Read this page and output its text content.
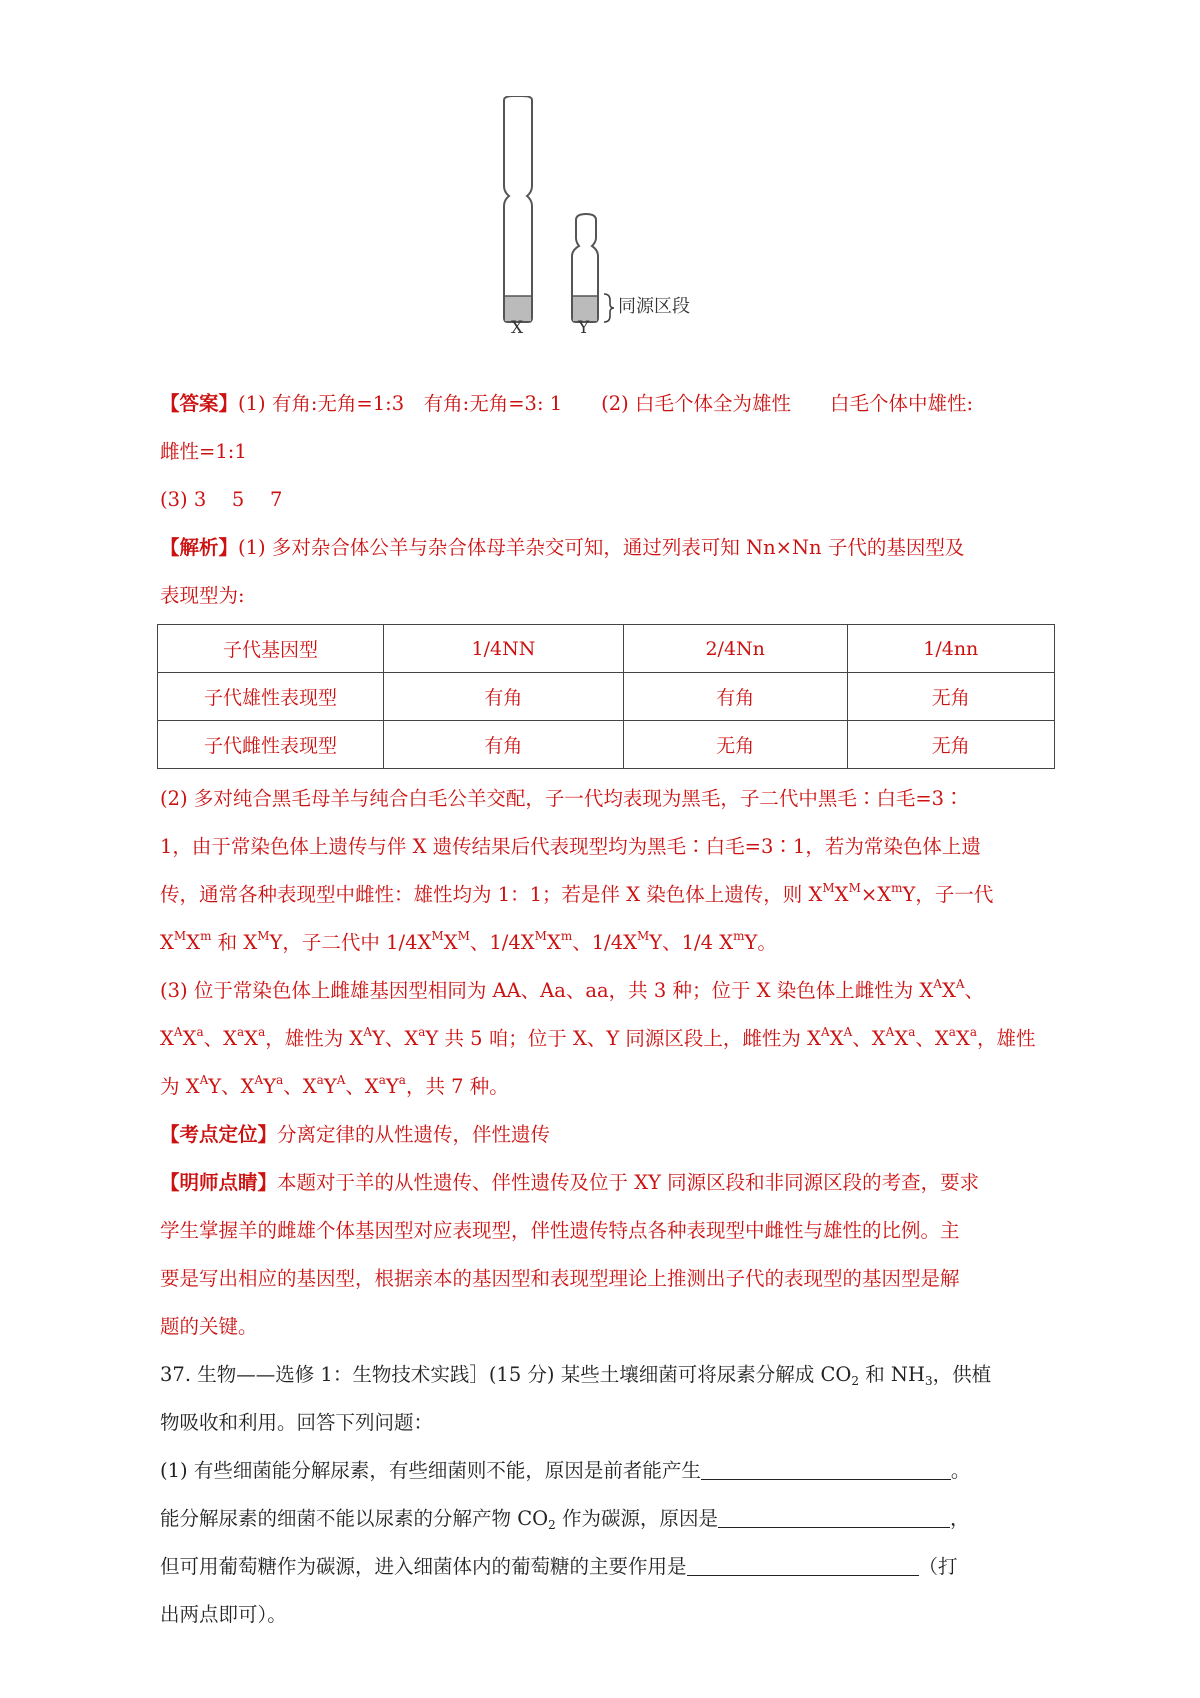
同源区段
X	Y

【答案】(1) 有角:无角=1:3　有角:无角=3: 1　　(2) 白毛个体全为雄性　　白毛个体中雄性:

雌性=1:1

(3) 3　 5　 7

【解析】(1) 多对杂合体公羊与杂合体母羊杂交可知，通过列表可知 Nn×Nn 子代的基因型及

表现型为:

子代基因型	1/4NN	2/4Nn	1/4nn
子代雄性表现型	有角	有角	无角
子代雌性表现型	有角	无角	无角

(2) 多对纯合黑毛母羊与纯合白毛公羊交配，子一代均表现为黑毛，子二代中黑毛∶白毛=3∶

1，由于常染色体上遗传与伴 X 遗传结果后代表现型均为黑毛∶白毛=3∶1，若为常染色体上遗

传，通常各种表现型中雌性：雄性均为 1：1；若是伴 X 染色体上遗传，则 $X^MX^M\times X^mY$，子一代

$X^MX^m$ 和 $X^MY$，子二代中 $1/4X^MX^M$、$1/4X^MX^m$、$1/4X^MY$、1/4 $X^mY$。

(3) 位于常染色体上雌雄基因型相同为 AA、Aa、aa，共 3 种；位于 X 染色体上雌性为 $X^AX^A$、

$X^AX^a$、$X^aX^a$，雄性为 $X^AY$、$X^aY$ 共 5 咱；位于 X、Y 同源区段上，雌性为 $X^AX^A$、$X^AX^a$、$X^aX^a$，雄性

为 $X^AY$、$X^AY^a$、$X^aY^A$、$X^aY^a$，共 7 种。

【考点定位】分离定律的从性遗传，伴性遗传

【明师点睛】本题对于羊的从性遗传、伴性遗传及位于 XY 同源区段和非同源区段的考查，要求

学生掌握羊的雌雄个体基因型对应表现型，伴性遗传特点各种表现型中雌性与雄性的比例。主

要是写出相应的基因型，根据亲本的基因型和表现型理论上推测出子代的表现型的基因型是解

题的关键。

37. 生物——选修 1：生物技术实践］(15 分) 某些土壤细菌可将尿素分解成 $CO_2$ 和 $NH_3$，供植

物吸收和利用。回答下列问题：

(1) 有些细菌能分解尿素，有些细菌则不能，原因是前者能产生	。

能分解尿素的细菌不能以尿素的分解产物 $CO_2$ 作为碳源，原因是	，

但可用葡萄糖作为碳源，进入细菌体内的葡萄糖的主要作用是	（打

出两点即可）。
